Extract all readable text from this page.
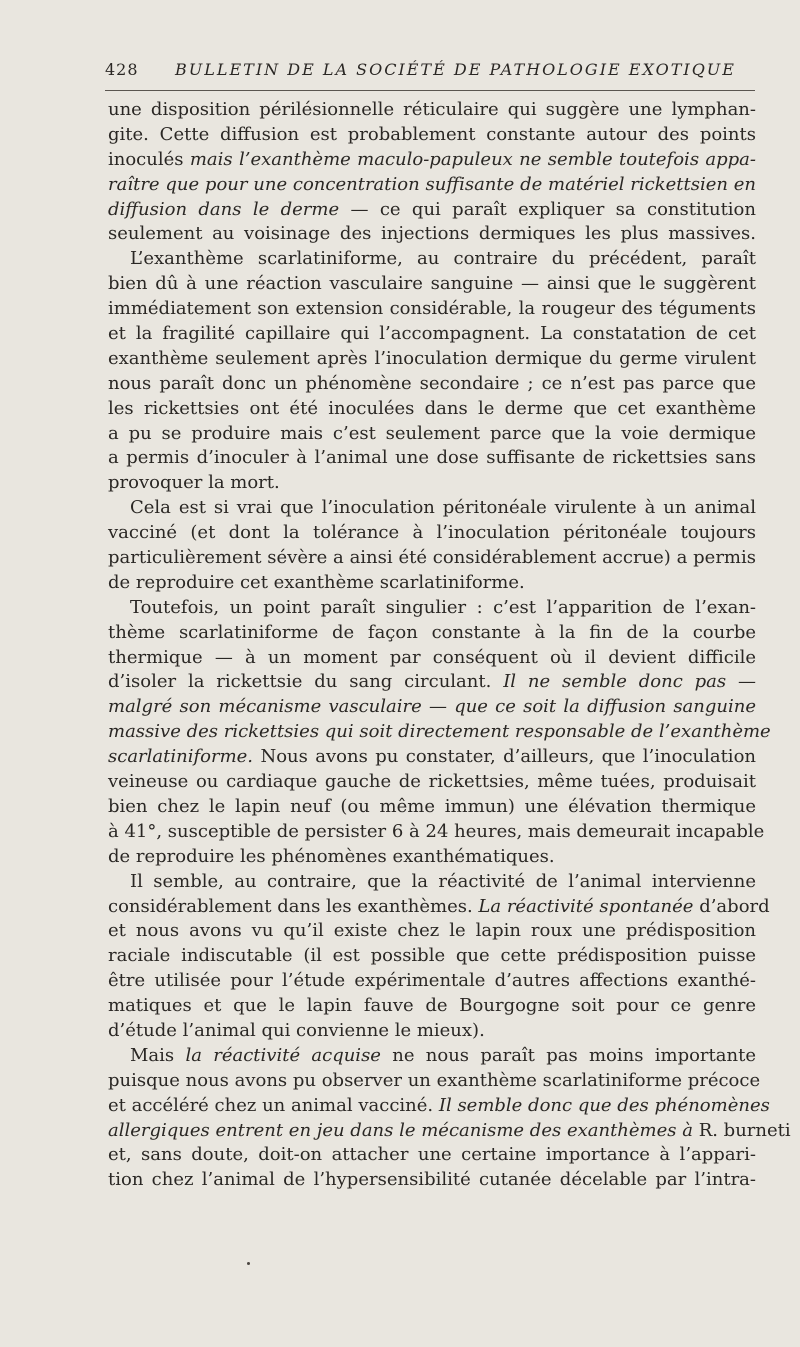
428 BULLETIN DE LA SOCIÉTÉ DE PATHOLOGIE EXOTIQUE
une disposition périlésionnelle réticulaire qui suggère une lymphan-
gite. Cette diffusion est probablement constante autour des points
inoculés mais l’exanthème maculo-papuleux ne semble toutefois appa-
raître que pour une concentration suffisante de matériel rickettsien en
diffusion dans le derme — ce qui paraît expliquer sa constitution
seulement au voisinage des injections dermiques les plus massives.
L’exanthème scarlatiniforme, au contraire du précédent, paraît
bien dû à une réaction vasculaire sanguine — ainsi que le suggèrent
immédiatement son extension considérable, la rougeur des téguments
et la fragilité capillaire qui l’accompagnent. La constatation de cet
exanthème seulement après l’inoculation dermique du germe virulent
nous paraît donc un phénomène secondaire ; ce n’est pas parce que
les rickettsies ont été inoculées dans le derme que cet exanthème
a pu se produire mais c’est seulement parce que la voie dermique
a permis d’inoculer à l’animal une dose suffisante de rickettsies sans
provoquer la mort.
Cela est si vrai que l’inoculation péritonéale virulente à un animal
vacciné (et dont la tolérance à l’inoculation péritonéale toujours
particulièrement sévère a ainsi été considérablement accrue) a permis
de reproduire cet exanthème scarlatiniforme.
Toutefois, un point paraît singulier : c’est l’apparition de l’exan-
thème scarlatiniforme de façon constante à la fin de la courbe
thermique — à un moment par conséquent où il devient difficile
d’isoler la rickettsie du sang circulant. Il ne semble donc pas —
malgré son mécanisme vasculaire — que ce soit la diffusion sanguine
massive des rickettsies qui soit directement responsable de l’exanthème
scarlatiniforme. Nous avons pu constater, d’ailleurs, que l’inoculation
veineuse ou cardiaque gauche de rickettsies, même tuées, produisait
bien chez le lapin neuf (ou même immun) une élévation thermique
à 41°, susceptible de persister 6 à 24 heures, mais demeurait incapable
de reproduire les phénomènes exanthématiques.
Il semble, au contraire, que la réactivité de l’animal intervienne
considérablement dans les exanthèmes. La réactivité spontanée d’abord
et nous avons vu qu’il existe chez le lapin roux une prédisposition
raciale indiscutable (il est possible que cette prédisposition puisse
être utilisée pour l’étude expérimentale d’autres affections exanthé-
matiques et que le lapin fauve de Bourgogne soit pour ce genre
d’étude l’animal qui convienne le mieux).
Mais la réactivité acquise ne nous paraît pas moins importante
puisque nous avons pu observer un exanthème scarlatiniforme précoce
et accéléré chez un animal vacciné. Il semble donc que des phénomènes
allergiques entrent en jeu dans le mécanisme des exanthèmes à R. burneti
et, sans doute, doit-on attacher une certaine importance à l’appari-
tion chez l’animal de l’hypersensibilité cutanée décelable par l’intra-
